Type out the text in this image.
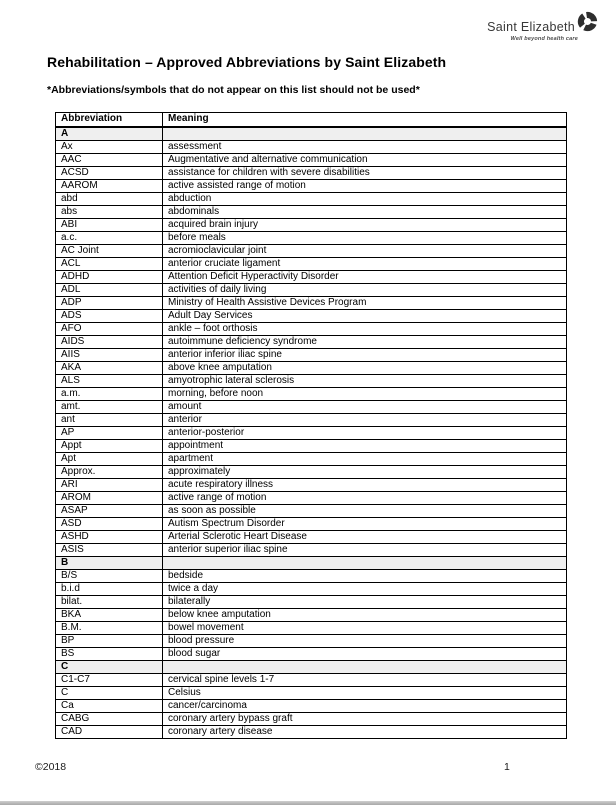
Saint Elizabeth
Well beyond health care
Rehabilitation – Approved Abbreviations by Saint Elizabeth
*Abbreviations/symbols that do not appear on this list should not be used*
Abbreviation	Meaning
A	
Ax	assessment
AAC	Augmentative and alternative communication
ACSD	assistance for children with severe disabilities
AAROM	active assisted range of motion
abd	abduction
abs	abdominals
ABI	acquired brain injury
a.c.	before meals
AC Joint	acromioclavicular joint
ACL	anterior cruciate ligament
ADHD	Attention Deficit Hyperactivity Disorder
ADL	activities of daily living
ADP	Ministry of Health Assistive Devices Program
ADS	Adult Day Services
AFO	ankle – foot orthosis
AIDS	autoimmune deficiency syndrome
AIIS	anterior inferior iliac spine
AKA	above knee amputation
ALS	amyotrophic lateral sclerosis
a.m.	morning, before noon
amt.	amount
ant	anterior
AP	anterior-posterior
Appt	appointment
Apt	apartment
Approx.	approximately
ARI	acute respiratory illness
AROM	active range of motion
ASAP	as soon as possible
ASD	Autism Spectrum Disorder
ASHD	Arterial Sclerotic Heart Disease
ASIS	anterior superior iliac spine
B	
B/S	bedside
b.i.d	twice a day
bilat.	bilaterally
BKA	below knee amputation
B.M.	bowel movement
BP	blood pressure
BS	blood sugar
C	
C1-C7	cervical spine levels 1-7
C	Celsius
Ca	cancer/carcinoma
CABG	coronary artery bypass graft
CAD	coronary artery disease
©2018	1
